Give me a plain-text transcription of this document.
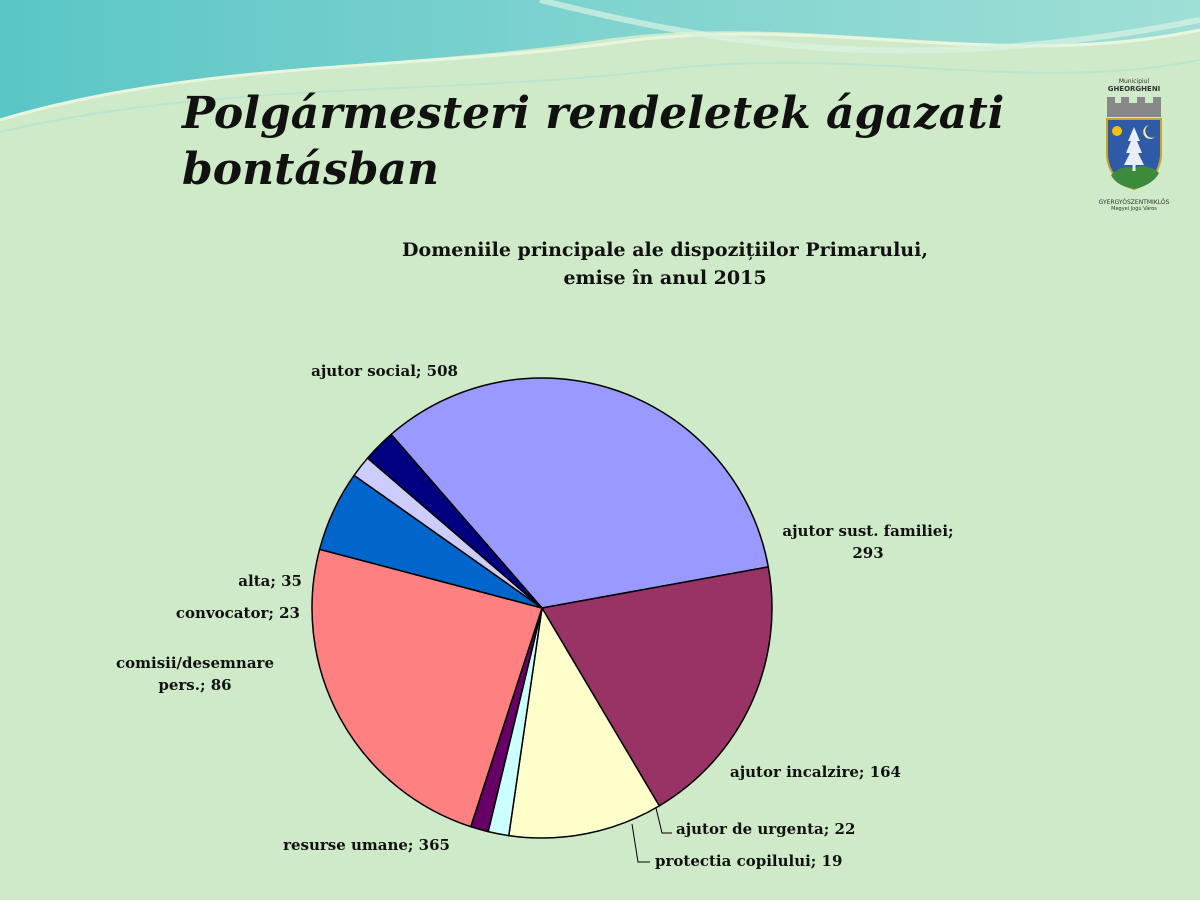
Polgármesteri rendeletek ágazati
bontásban
Municipiul
GHEORGHENI
GYERGYÓSZENTMIKLÓS
Megyei Jogú Város
Domeniile principale ale dispozițiilor Primarului,
emise în anul 2015
ajutor social; 508
ajutor sust. familiei; 293
ajutor incalzire; 164
ajutor de urgenta; 22
protectia copilului; 19
resurse umane; 365
comisii/desemnare pers.; 86
convocator; 23
alta; 35
